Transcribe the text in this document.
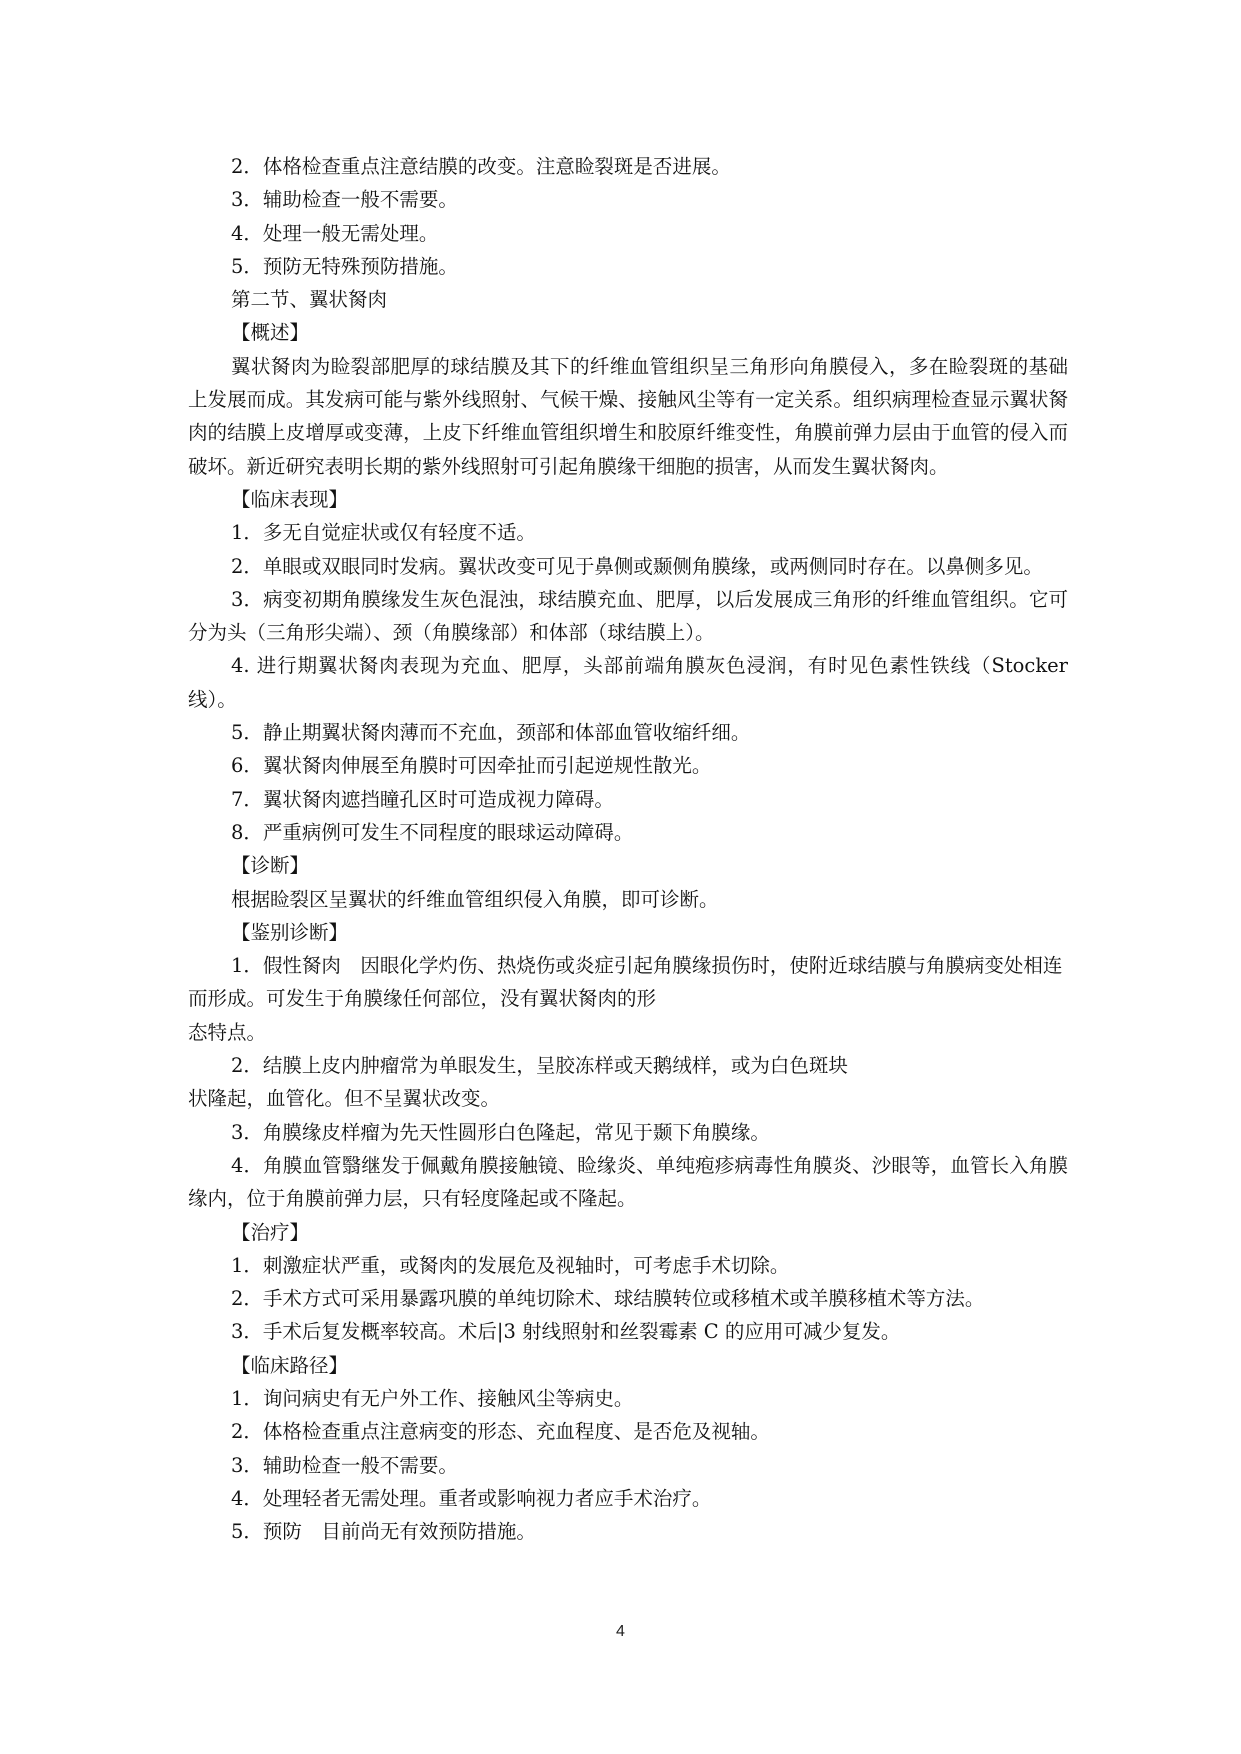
2．体格检查重点注意结膜的改变。注意睑裂斑是否进展。

3．辅助检查一般不需要。

4．处理一般无需处理。

5．预防无特殊预防措施。

第二节、翼状胬肉

【概述】

翼状胬肉为睑裂部肥厚的球结膜及其下的纤维血管组织呈三角形向角膜侵入，多在睑裂斑的基础上发展而成。其发病可能与紫外线照射、气候干燥、接触风尘等有一定关系。组织病理检查显示翼状胬肉的结膜上皮增厚或变薄，上皮下纤维血管组织增生和胶原纤维变性，角膜前弹力层由于血管的侵入而破坏。新近研究表明长期的紫外线照射可引起角膜缘干细胞的损害，从而发生翼状胬肉。

【临床表现】

1．多无自觉症状或仅有轻度不适。

2．单眼或双眼同时发病。翼状改变可见于鼻侧或颞侧角膜缘，或两侧同时存在。以鼻侧多见。

3．病变初期角膜缘发生灰色混浊，球结膜充血、肥厚，以后发展成三角形的纤维血管组织。它可分为头（三角形尖端）、颈（角膜缘部）和体部（球结膜上）。

4. 进行期翼状胬肉表现为充血、肥厚，头部前端角膜灰色浸润，有时见色素性铁线（Stocker线）。

5．静止期翼状胬肉薄而不充血，颈部和体部血管收缩纤细。

6．翼状胬肉伸展至角膜时可因牵扯而引起逆规性散光。

7．翼状胬肉遮挡瞳孔区时可造成视力障碍。

8．严重病例可发生不同程度的眼球运动障碍。

【诊断】

根据睑裂区呈翼状的纤维血管组织侵入角膜，即可诊断。

【鉴别诊断】

1．假性胬肉　因眼化学灼伤、热烧伤或炎症引起角膜缘损伤时，使附近球结膜与角膜病变处相连而形成。可发生于角膜缘任何部位，没有翼状胬肉的形

态特点。

2．结膜上皮内肿瘤常为单眼发生，呈胶冻样或天鹅绒样，或为白色斑块

状隆起，血管化。但不呈翼状改变。

3．角膜缘皮样瘤为先天性圆形白色隆起，常见于颞下角膜缘。

4．角膜血管翳继发于佩戴角膜接触镜、睑缘炎、单纯疱疹病毒性角膜炎、沙眼等，血管长入角膜缘内，位于角膜前弹力层，只有轻度隆起或不隆起。

【治疗】

1．刺激症状严重，或胬肉的发展危及视轴时，可考虑手术切除。

2．手术方式可采用暴露巩膜的单纯切除术、球结膜转位或移植术或羊膜移植术等方法。

3．手术后复发概率较高。术后|3 射线照射和丝裂霉素 C 的应用可减少复发。

【临床路径】

1．询问病史有无户外工作、接触风尘等病史。

2．体格检查重点注意病变的形态、充血程度、是否危及视轴。

3．辅助检查一般不需要。

4．处理轻者无需处理。重者或影响视力者应手术治疗。

5．预防　目前尚无有效预防措施。

4
